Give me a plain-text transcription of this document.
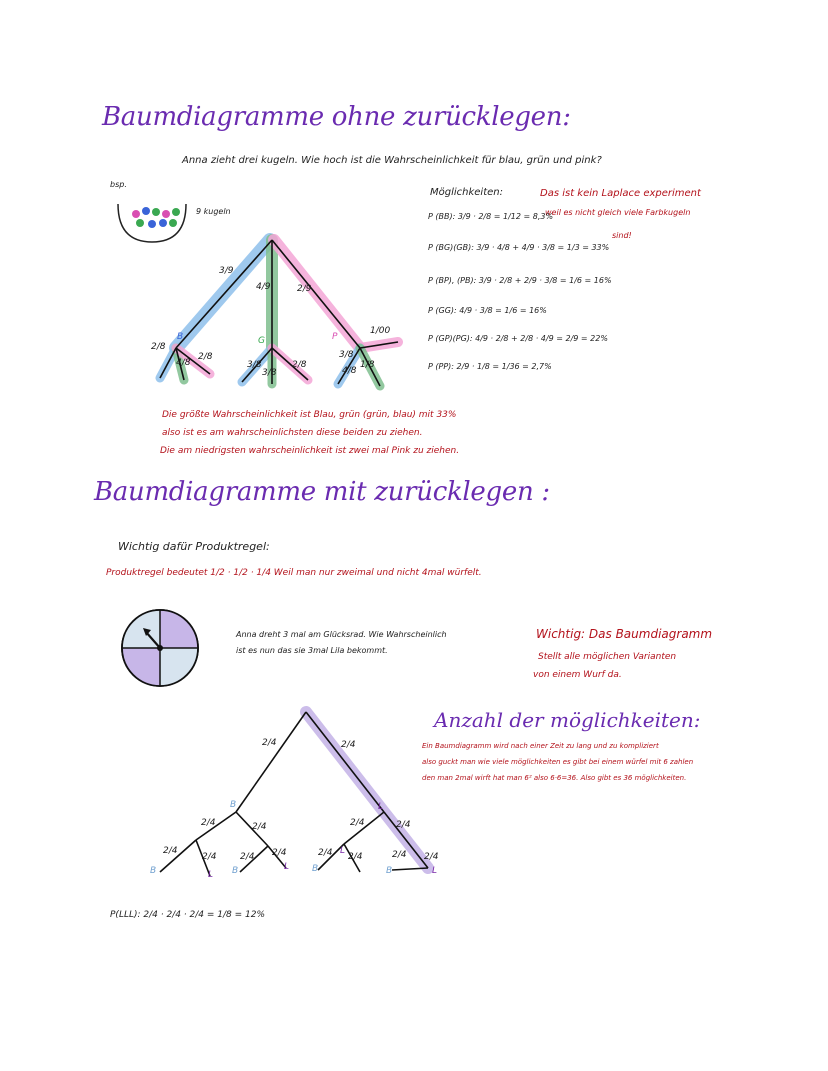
Baumdiagramme ohne zurücklegen:
Anna zieht drei kugeln. Wie hoch ist die Wahrscheinlichkeit für blau, grün und pink?
bsp.
9 kugeln
3/9
4/9	2/9
B	G	P
1/00
2/8
4/8
2/8
3/8
3/8
2/8
3/8
4/8
1/8
Möglichkeiten:	Das ist kein Laplace experiment
weil es nicht gleich viele Farbkugeln
sind!
P (BB): 3/9 · 2/8 = 1/12 = 8,3%
P (BG)(GB): 3/9 · 4/8 + 4/9 · 3/8 = 1/3 = 33%
P (BP), (PB): 3/9 · 2/8 + 2/9 · 3/8 = 1/6 = 16%
P (GG): 4/9 · 3/8 = 1/6 = 16%
P (GP)(PG): 4/9 · 2/8 + 2/8 · 4/9 = 2/9 = 22%
P (PP): 2/9 · 1/8 = 1/36 = 2,7%
Die größte Wahrscheinlichkeit ist Blau, grün (grün, blau) mit 33%
also ist es am wahrscheinlichsten diese beiden zu ziehen.
Die am niedrigsten wahrscheinlichkeit ist zwei mal Pink zu ziehen.
Baumdiagramme mit zurücklegen :
Wichtig dafür Produktregel:
Produktregel bedeutet 1/2 · 1/2 · 1/4 Weil man nur zweimal und nicht 4mal würfelt.
Anna dreht 3 mal am Glücksrad. Wie Wahrscheinlich
ist es nun das sie 3mal Lila bekommt.
Wichtig: Das Baumdiagramm
Stellt alle möglichen Varianten
von einem Wurf da.
Anzahl der möglichkeiten:
Ein Baumdiagramm wird nach einer Zeit zu lang und zu kompliziert
also guckt man wie viele möglichkeiten es gibt bei einem würfel mit 6 zahlen
den man 2mal wirft hat man 6² also 6·6=36. Also gibt es 36 möglichkeiten.
2/4	2/4
2/4	2/4	2/4	2/4
2/4
2/4	2/4 2/4	2/4 2/4	2/4 2/4
B	L
B	L B	L	B
L
B	L
P(LLL): 2/4 · 2/4 · 2/4 = 1/8 = 12%
